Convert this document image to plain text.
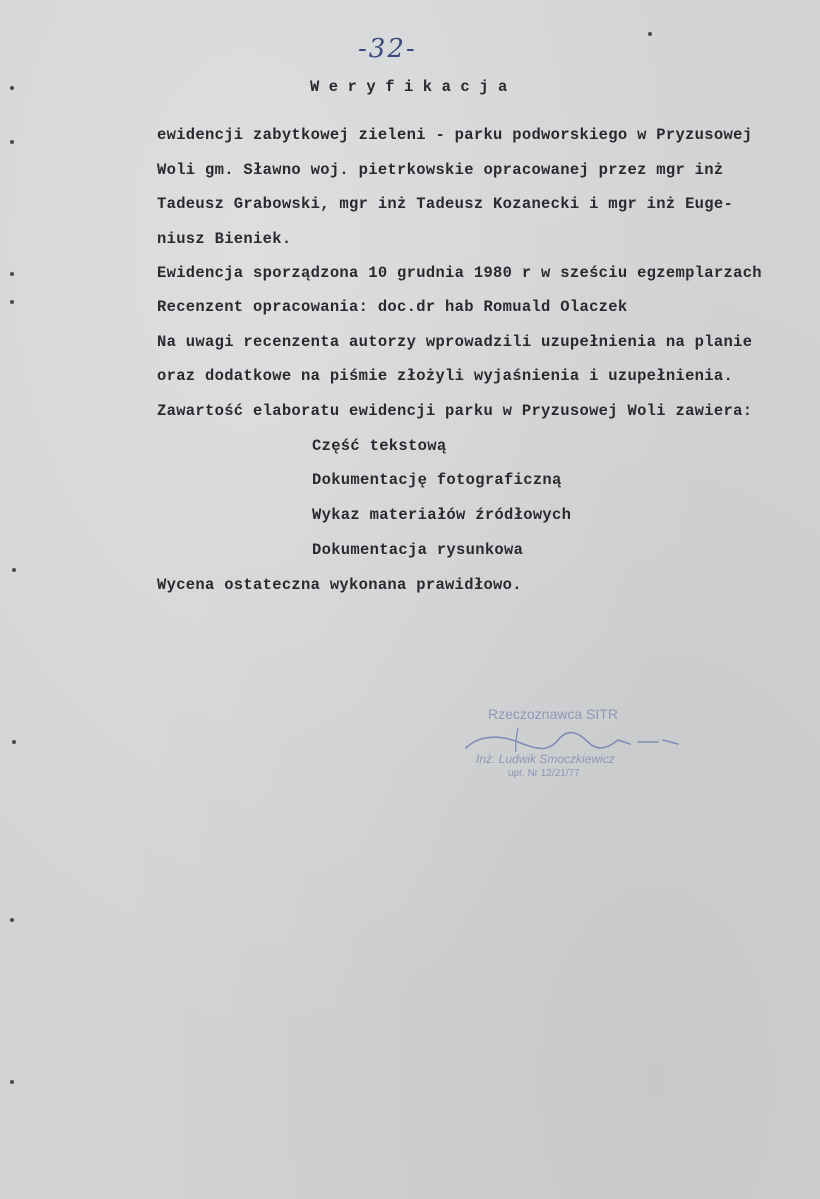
-32-
Weryfikacja
ewidencji zabytkowej zieleni - parku podworskiego w Pryzusowej
Woli gm. Sławno woj. pietrkowskie opracowanej przez mgr inż
Tadeusz Grabowski, mgr inż Tadeusz Kozanecki i mgr inż Euge-
niusz Bieniek.
Ewidencja sporządzona 10 grudnia 1980 r w sześciu egzemplarzach
Recenzent opracowania: doc.dr hab Romuald Olaczek
Na uwagi recenzenta autorzy wprowadzili uzupełnienia na planie
oraz dodatkowe na piśmie złożyli wyjaśnienia i uzupełnienia.
Zawartość elaboratu ewidencji parku w Pryzusowej Woli zawiera:
Część tekstową
Dokumentację fotograficzną
Wykaz materiałów źródłowych
Dokumentacja rysunkowa
Wycena ostateczna wykonana prawidłowo.
Rzeczoznawca SITR
Inż. Ludwik Smoczkiewicz
upr. Nr 12/21/77
